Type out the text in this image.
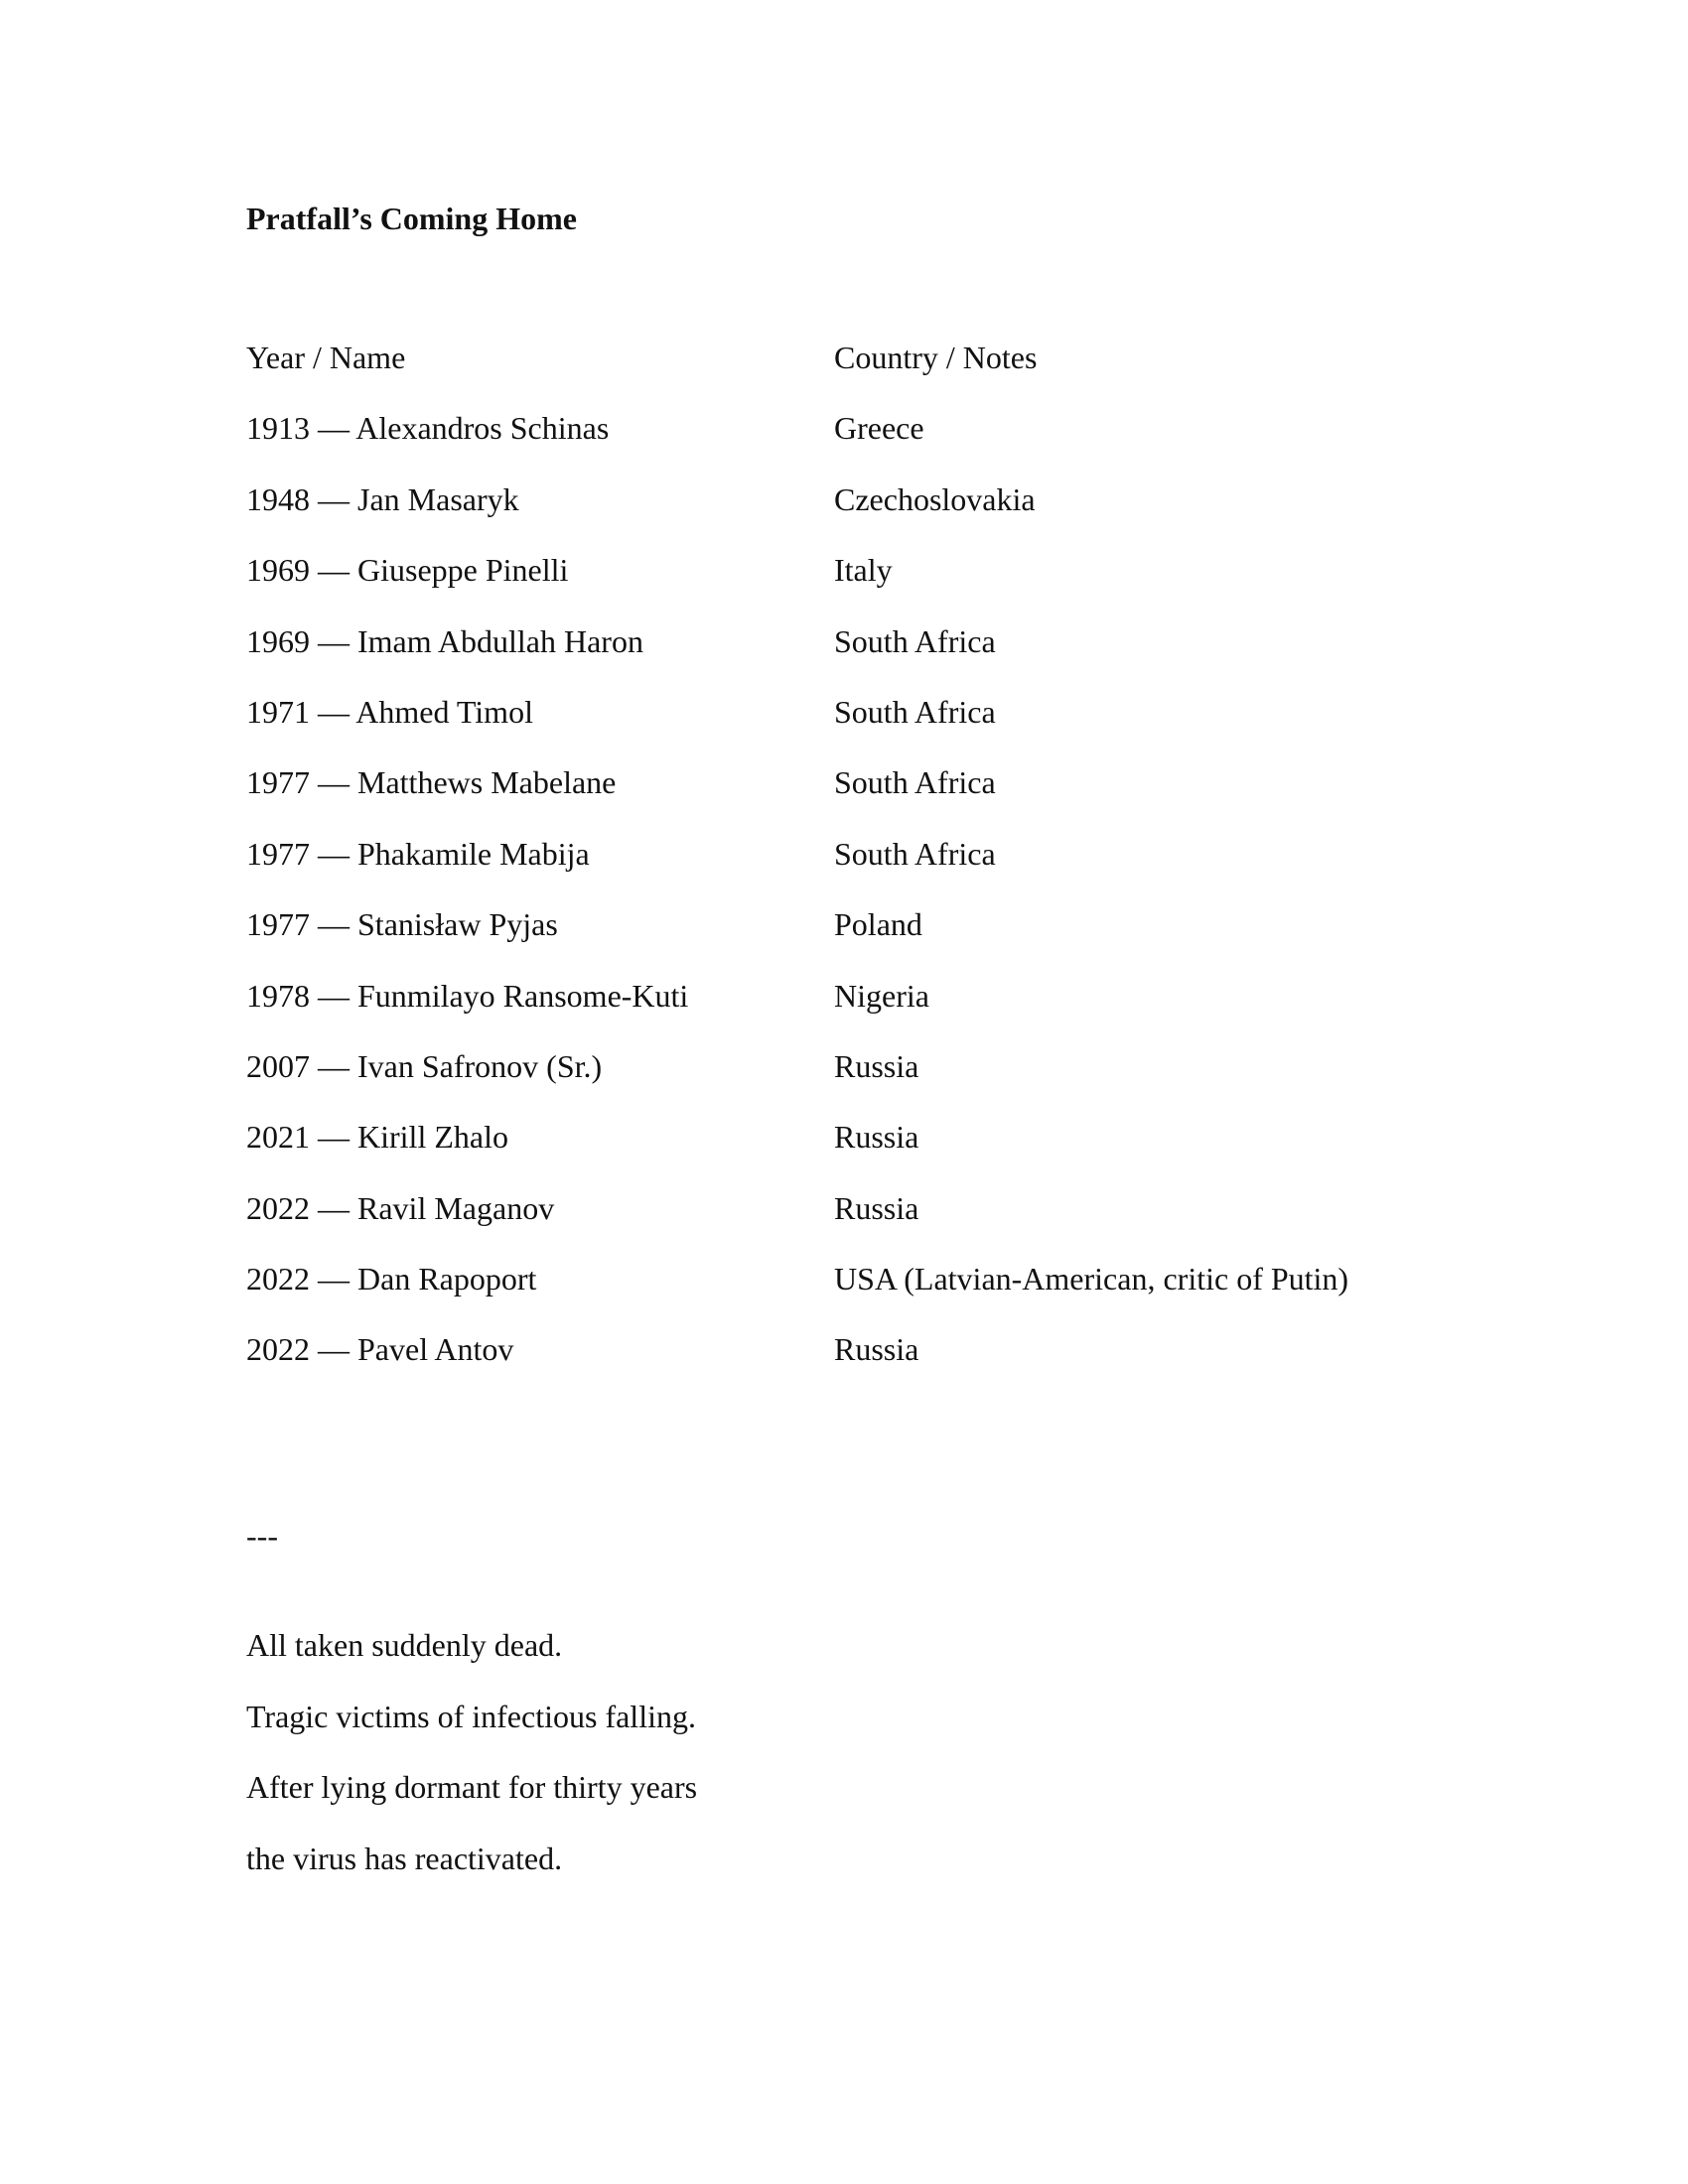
Pratfall’s Coming Home
Year / Name	Country / Notes
1913 — Alexandros Schinas	Greece
1948 — Jan Masaryk	Czechoslovakia
1969 — Giuseppe Pinelli	Italy
1969 — Imam Abdullah Haron	South Africa
1971 — Ahmed Timol	South Africa
1977 — Matthews Mabelane	South Africa
1977 — Phakamile Mabija	South Africa
1977 — Stanisław Pyjas	Poland
1978 — Funmilayo Ransome-Kuti	Nigeria
2007 — Ivan Safronov (Sr.)	Russia
2021 — Kirill Zhalo	Russia
2022 — Ravil Maganov	Russia
2022 — Dan Rapoport	USA (Latvian-American, critic of Putin)
2022 — Pavel Antov	Russia
---
All taken suddenly dead.
Tragic victims of infectious falling.
After lying dormant for thirty years
the virus has reactivated.
